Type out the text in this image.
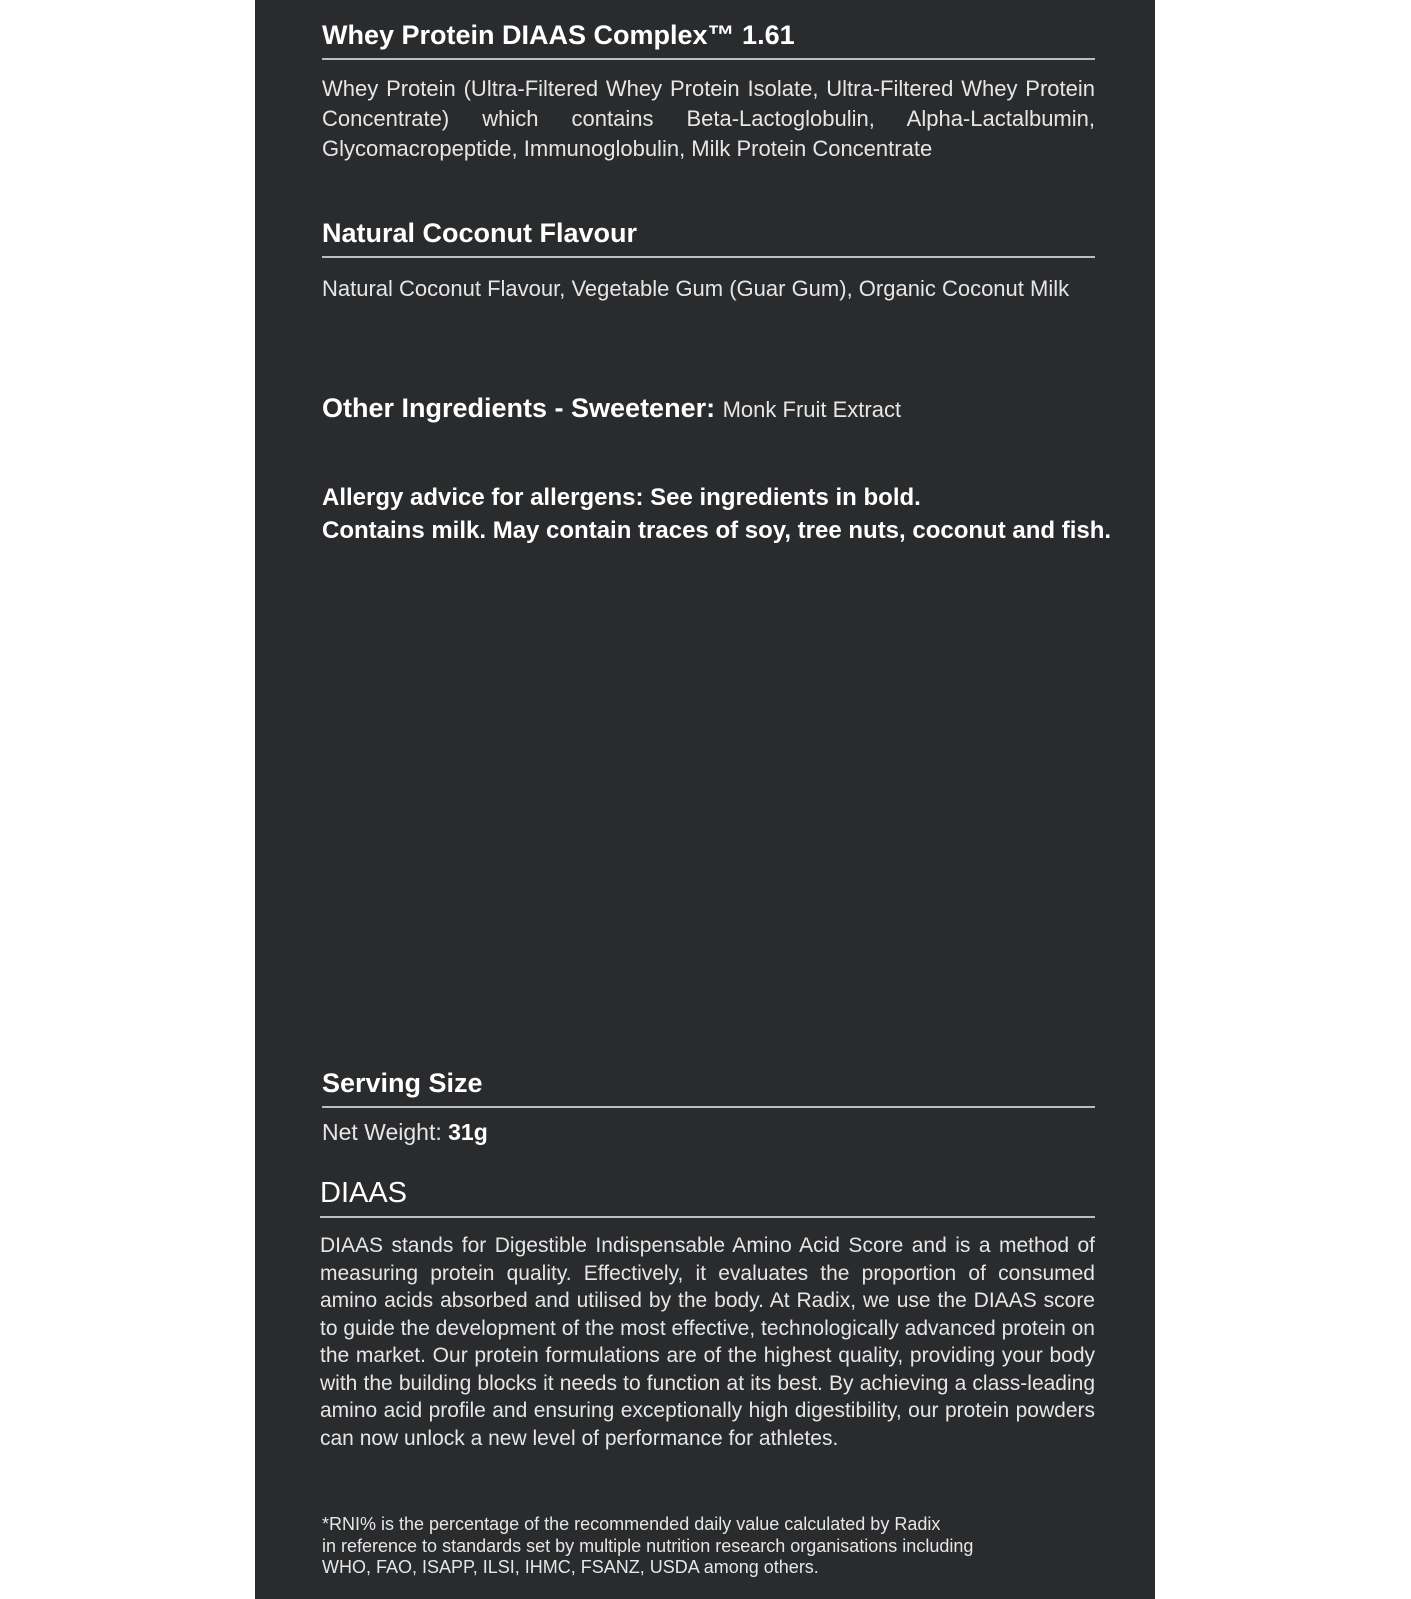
Whey Protein DIAAS Complex™ 1.61
Whey Protein (Ultra-Filtered Whey Protein Isolate, Ultra-Filtered Whey Protein Concentrate) which contains Beta-Lactoglobulin, Alpha-Lactalbumin, Glycomacropeptide, Immunoglobulin, Milk Protein Concentrate
Natural Coconut Flavour
Natural Coconut Flavour, Vegetable Gum (Guar Gum), Organic Coconut Milk
Other Ingredients - Sweetener: Monk Fruit Extract
Allergy advice for allergens: See ingredients in bold.
Contains milk. May contain traces of soy, tree nuts, coconut and fish.
Serving Size
Net Weight: 31g
DIAAS
DIAAS stands for Digestible Indispensable Amino Acid Score and is a method of measuring protein quality. Effectively, it evaluates the proportion of consumed amino acids absorbed and utilised by the body. At Radix, we use the DIAAS score to guide the development of the most effective, technologically advanced protein on the market. Our protein formulations are of the highest quality, providing your body with the building blocks it needs to function at its best. By achieving a class-leading amino acid profile and ensuring exceptionally high digestibility, our protein powders can now unlock a new level of performance for athletes.
*RNI% is the percentage of the recommended daily value calculated by Radix
in reference to standards set by multiple nutrition research organisations including
WHO, FAO, ISAPP, ILSI, IHMC, FSANZ, USDA among others.
